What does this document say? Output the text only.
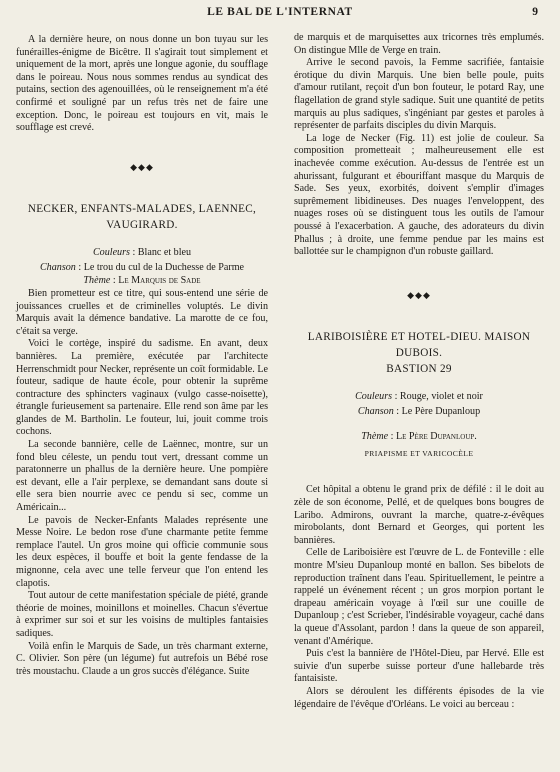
LE BAL DE L'INTERNAT	9

A la dernière heure, on nous donne un bon tuyau sur les funérailles-énigme de Bicêtre. Il s'agirait tout simplement et uniquement de la mort, après une longue agonie, du soufflage dans le poireau. Nous nous sommes rendus au syndicat des putains, section des agenouillées, où le renseignement m'a été confirmé et souligné par un refus très net de faire une exception. Donc, le poireau est toujours en vit, mais le soufflage est crevé.

◆◆◆
NECKER, ENFANTS-MALADES, LAENNEC,
VAUGIRARD.

Couleurs : Blanc et bleu

Chanson : Le trou du cul de la Duchesse de Parme

Thème : Le Marquis de Sade

Bien prometteur est ce titre, qui sous-entend une série de jouissances cruelles et de criminelles voluptés. Le divin Marquis avait la démence bandative. La marotte de ce fou, c'était sa verge.

Voici le cortège, inspiré du sadisme. En avant, deux bannières. La première, exécutée par l'architecte Herrenschmidt pour Necker, représente un coït formidable. Le fouteur, sadique de haute école, pour obtenir la suprême contracture des sphincters vaginaux (vulgo casse-noisette), étrangle furieusement sa partenaire. Elle rend son âme par les glandes de M. Bartholin. Le fouteur, lui, jouit comme trois cochons.

La seconde bannière, celle de Laënnec, montre, sur un fond bleu céleste, un pendu tout vert, dressant comme un paratonnerre un phallus de la dernière heure. Une pompière est devant, elle a l'air perplexe, se demandant sans doute si elle sera bien nourrie avec ce pendu si sec, comme un Américain...

Le pavois de Necker-Enfants Malades représente une Messe Noire. Le bedon rose d'une charmante petite femme remplace l'autel. Un gros moine qui officie communie sous les deux espèces, il bouffe et boit la gente fendasse de la mignonne, cela avec une telle ferveur que l'on entend les clapotis.

Tout autour de cette manifestation spéciale de piété, grande théorie de moines, moinillons et moinelles. Chacun s'évertue à exprimer sur soi et sur les voisins de multiples fantaisies sadiques.

Voilà enfin le Marquis de Sade, un très charmant externe, C. Olivier. Son père (un légume) fut autrefois un Bébé rose très moustachu. Claude a un gros succès d'élégance. Suite

de marquis et de marquisettes aux tricornes très emplumés. On distingue Mlle de Verge en train.

Arrive le second pavois, la Femme sacrifiée, fantaisie érotique du divin Marquis. Une bien belle poule, puits d'amour rutilant, reçoit d'un bon fouteur, le potard Ray, une flagellation de grand style sadique. Suit une quantité de petits marquis au plus sadiques, s'ingéniant par gestes et paroles à représenter de parfaits disciples du divin Marquis.

La loge de Necker (Fig. 11) est jolie de couleur. Sa composition prometteait ; malheureusement elle est inachevée comme exécution. Au-dessus de l'entrée est un ahurissant, fulgurant et ébouriffant masque du Marquis de Sade. Ses yeux, exorbités, doivent s'emplir d'images suprêmement libidineuses. Des nuages l'enveloppent, des nuages roses où se distinguent tous les outils de l'amour poussé à l'exacerbation. A gauche, des adorateurs du divin Phallus ; à droite, une femme pendue par les mains est ballottée sur le champignon d'un robuste gaillard.

◆◆◆
LARIBOISIÈRE ET HOTEL-DIEU. MAISON DUBOIS.
BASTION 29

Couleurs : Rouge, violet et noir

Chanson : Le Père Dupanloup

Thème : Le Père Dupanloup.

PRIAPISME ET VARICOCÈLE

Cet hôpital a obtenu le grand prix de défilé : il le doit au zèle de son économe, Pellé, et de quelques bons bougres de Laribo. Admirons, ouvrant la marche, quatre-z-évêques mirobolants, dont Bernard et Georges, qui portent les bannières.

Celle de Lariboisière est l'œuvre de L. de Fonteville : elle montre M'sieu Dupanloup monté en ballon. Ses bibelots de reproduction traînent dans l'eau. Spirituellement, le peintre a rappelé un événement récent ; un gros morpion portant le drapeau américain voyage à l'œil sur une couille de Dupanloup ; c'est Scrieber, l'indésirable voyageur, caché dans la queue d'Assolant, pardon ! dans la queue de son appareil, venant d'Amérique.

Puis c'est la bannière de l'Hôtel-Dieu, par Hervé. Elle est suivie d'un superbe suisse porteur d'une hallebarde très fantaisiste.

Alors se déroulent les différents épisodes de la vie légendaire de l'évêque d'Orléans. Le voici au berceau :
